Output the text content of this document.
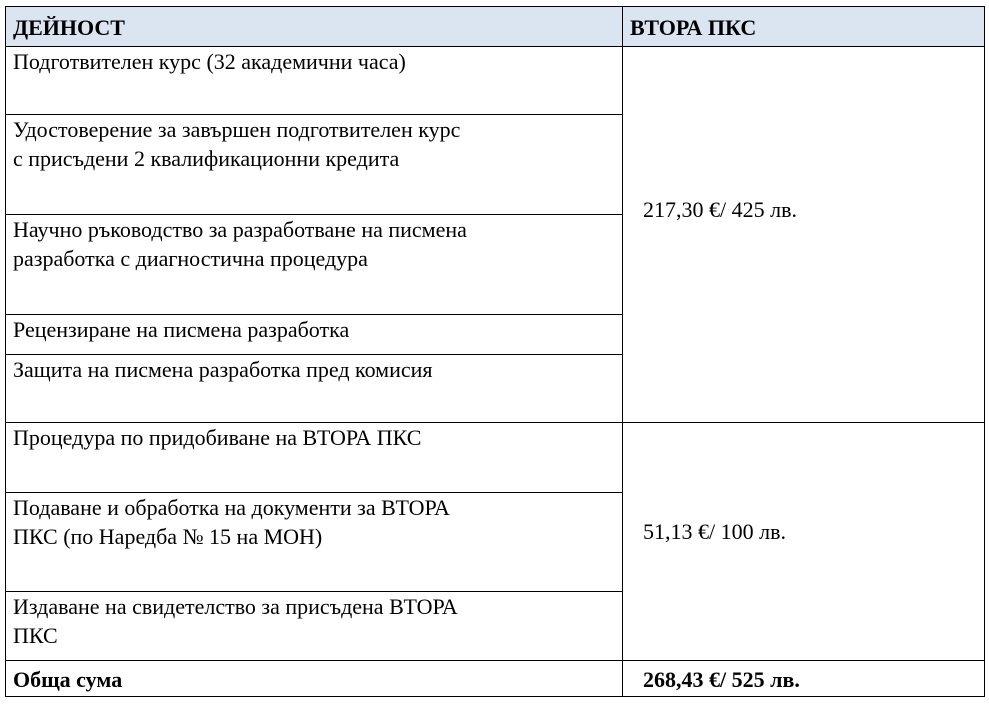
ДЕЙНОСТ	ВТОРА ПКС

Подготвителен курс (32 академични часа)	217,30 €/ 425 лв.

Удостоверение за завършен подготвителен курс с присъдени 2 квалификационни кредита	

Научно ръководство за разработване на писмена разработка с диагностична процедура	

Рецензиране на писмена разработка	

Защита на писмена разработка пред комисия	

Процедура по придобиване на ВТОРА ПКС	51,13 €/ 100 лв.

Подаване и обработка на документи за ВТОРА ПКС (по Наредба № 15 на МОН)	

Издаване на свидетелство за присъдена ВТОРА ПКС	

Обща сума	268,43 €/ 525 лв.
